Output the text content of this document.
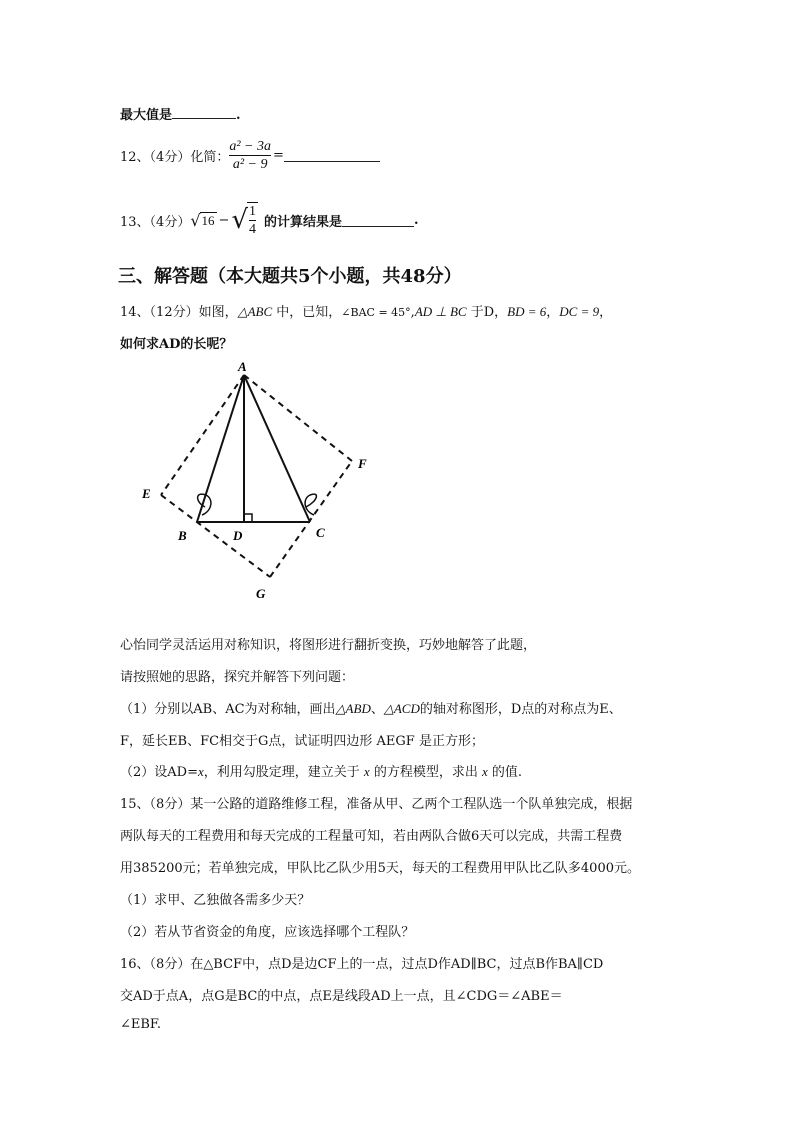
最大值是	.
12、（4分）化简： $\frac{\text{a² − 3a}}{\text{a² − 9}}$ =
13、（4分） √ 16 − √ $\frac{1}{4}$ 的计算结果是	.
三、解答题（本大题共5个小题，共48分）
14、（12分）如图，△ABC 中，已知，∠BAC = 45°,AD ⊥ BC 于D，BD = 6，DC = 9，
如何求AD的长呢？
A
B	C
D
E
F
G
心怡同学灵活运用对称知识，将图形进行翻折变换，巧妙地解答了此题，
请按照她的思路，探究并解答下列问题：
（1）分别以AB、AC为对称轴，画出△ABD、△ACD的轴对称图形，D点的对称点为E、
F，延长EB、FC相交于G点，试证明四边形 AEGF 是正方形；
（2）设AD=x，利用勾股定理，建立关于 x 的方程模型，求出 x 的值.
15、（8分）某一公路的道路维修工程，准备从甲、乙两个工程队选一个队单独完成，根据
两队每天的工程费用和每天完成的工程量可知，若由两队合做6天可以完成，共需工程费
用385200元；若单独完成，甲队比乙队少用5天，每天的工程费用甲队比乙队多4000元。
（1）求甲、乙独做各需多少天？
（2）若从节省资金的角度，应该选择哪个工程队？
16、（8分）在△BCF中，点D是边CF上的一点，过点D作AD∥BC，过点B作BA∥CD
交AD于点A，点G是BC的中点，点E是线段AD上一点，且∠CDG＝∠ABE＝
∠EBF.
